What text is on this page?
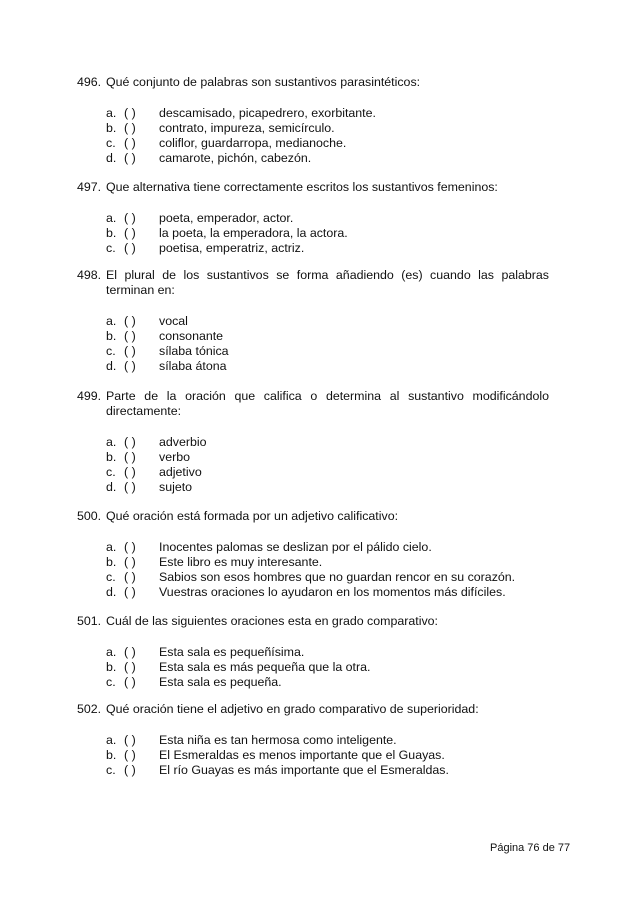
496. Qué conjunto de palabras son sustantivos parasintéticos:
a. ( )	descamisado, picapedrero, exorbitante.
b. ( )	contrato, impureza, semicírculo.
c. ( )	coliflor, guardarropa, medianoche.
d. ( )	camarote, pichón, cabezón.
497. Que alternativa tiene correctamente escritos los sustantivos femeninos:
a. ( )	poeta, emperador, actor.
b. ( )	la poeta, la emperadora, la actora.
c. ( )	poetisa, emperatriz, actriz.
498. El plural de los sustantivos se forma añadiendo (es) cuando las palabras
terminan en:
a. ( )	vocal
b. ( )	consonante
c. ( )	sílaba tónica
d. ( )	sílaba átona
499. Parte de la oración que califica o determina al sustantivo modificándolo
directamente:
a. ( )	adverbio
b. ( )	verbo
c. ( )	adjetivo
d. ( )	sujeto
500. Qué oración está formada por un adjetivo calificativo:
a. ( )	Inocentes palomas se deslizan por el pálido cielo.
b. ( )	Este libro es muy interesante.
c. ( )	Sabios son esos hombres que no guardan rencor en su corazón.
d. ( )	Vuestras oraciones lo ayudaron en los momentos más difíciles.
501. Cuál de las siguientes oraciones esta en grado comparativo:
a. ( )	Esta sala es pequeñísima.
b. ( )	Esta sala es más pequeña que la otra.
c. ( )	Esta sala es pequeña.
502. Qué oración tiene el adjetivo en grado comparativo de superioridad:
a. ( )	Esta niña es tan hermosa como inteligente.
b. ( )	El Esmeraldas es menos importante que el Guayas.
c. ( )	El río Guayas es más importante que el Esmeraldas.
Página 76 de 77
